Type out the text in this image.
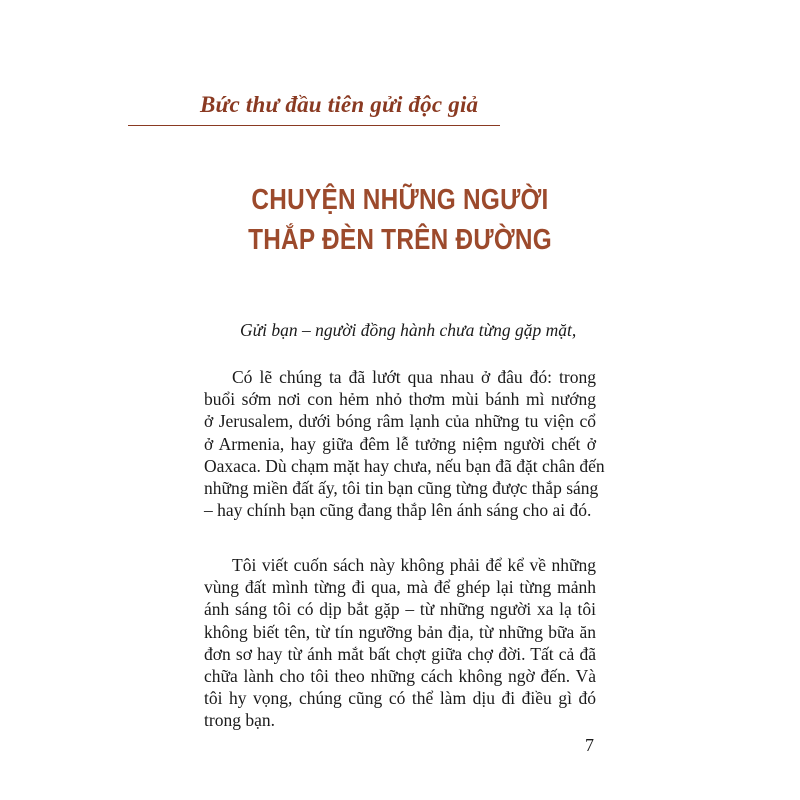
Bức thư đầu tiên gửi độc giả
CHUYỆN NHỮNG NGƯỜI
THẮP ĐÈN TRÊN ĐƯỜNG
Gửi bạn – người đồng hành chưa từng gặp mặt,
Có lẽ chúng ta đã lướt qua nhau ở đâu đó: trong
buổi sớm nơi con hẻm nhỏ thơm mùi bánh mì nướng
ở Jerusalem, dưới bóng râm lạnh của những tu viện cổ
ở Armenia, hay giữa đêm lễ tưởng niệm người chết ở
Oaxaca. Dù chạm mặt hay chưa, nếu bạn đã đặt chân đến
những miền đất ấy, tôi tin bạn cũng từng được thắp sáng
– hay chính bạn cũng đang thắp lên ánh sáng cho ai đó.
Tôi viết cuốn sách này không phải để kể về những
vùng đất mình từng đi qua, mà để ghép lại từng mảnh
ánh sáng tôi có dịp bắt gặp – từ những người xa lạ tôi
không biết tên, từ tín ngưỡng bản địa, từ những bữa ăn
đơn sơ hay từ ánh mắt bất chợt giữa chợ đời. Tất cả đã
chữa lành cho tôi theo những cách không ngờ đến. Và
tôi hy vọng, chúng cũng có thể làm dịu đi điều gì đó
trong bạn.
7
